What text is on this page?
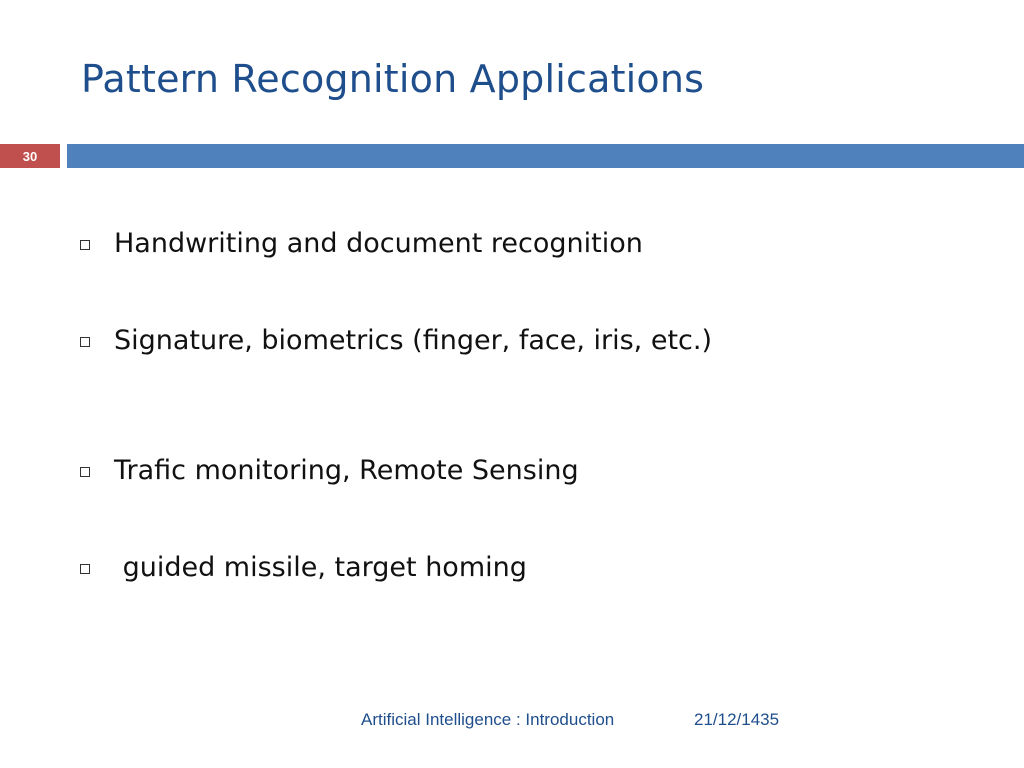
Pattern Recognition Applications
30
Handwriting and document recognition
Signature, biometrics (finger, face, iris, etc.)
Trafic monitoring, Remote Sensing
guided missile, target homing
Artificial Intelligence : Introduction	21/12/1435
